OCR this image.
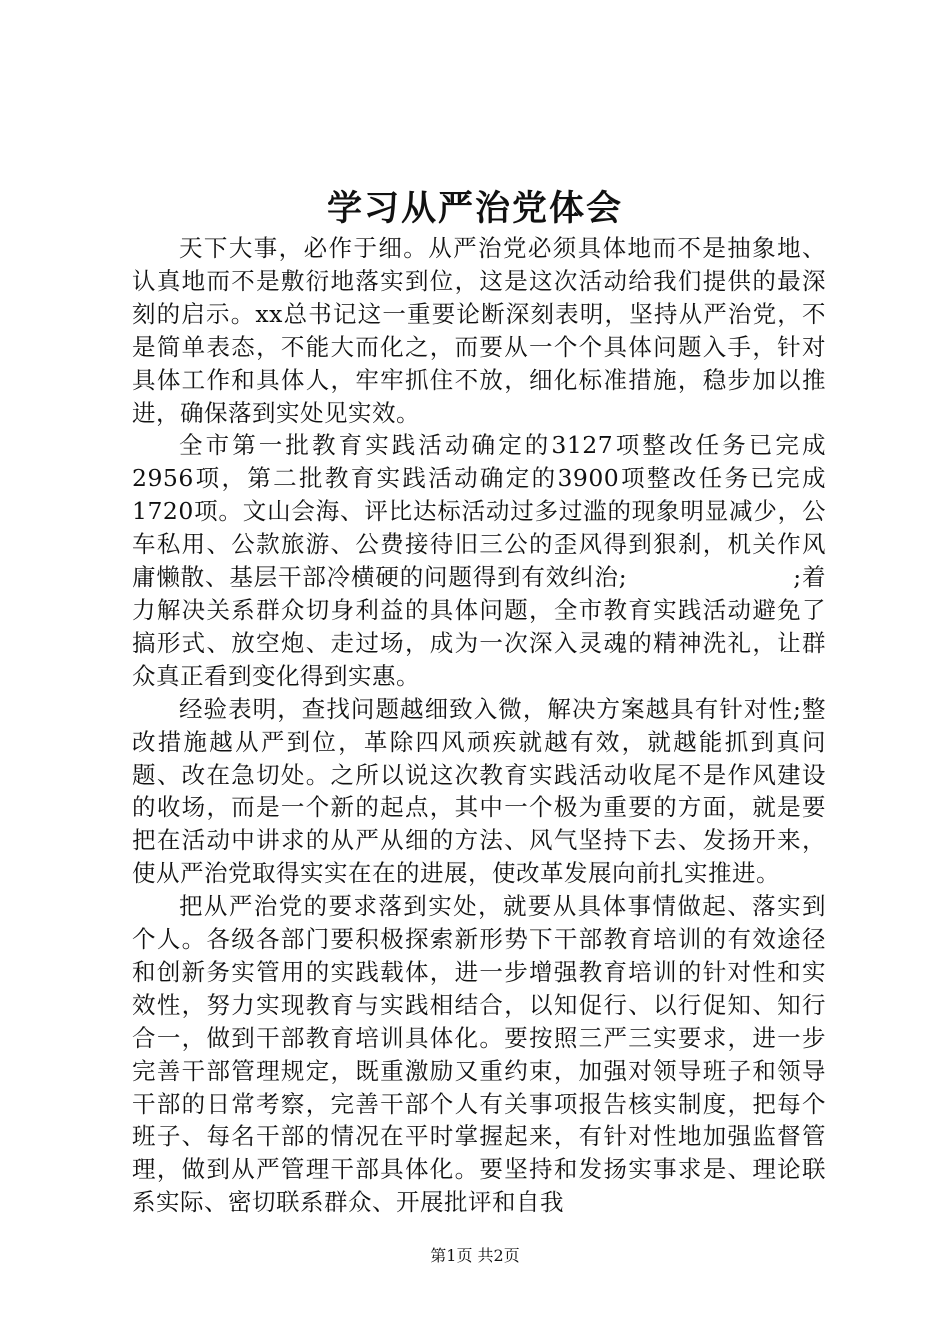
学习从严治党体会

天下大事，必作于细。从严治党必须具体地而不是抽象地、认真地而不是敷衍地落实到位，这是这次活动给我们提供的最深刻的启示。xx总书记这一重要论断深刻表明，坚持从严治党，不是简单表态，不能大而化之，而要从一个个具体问题入手，针对具体工作和具体人，牢牢抓住不放，细化标准措施，稳步加以推进，确保落到实处见实效。

全市第一批教育实践活动确定的3127项整改任务已完成2956项，第二批教育实践活动确定的3900项整改任务已完成1720项。文山会海、评比达标活动过多过滥的现象明显减少，公车私用、公款旅游、公费接待旧三公的歪风得到狠刹，机关作风庸懒散、基层干部冷横硬的问题得到有效纠治;                    ;着力解决关系群众切身利益的具体问题，全市教育实践活动避免了搞形式、放空炮、走过场，成为一次深入灵魂的精神洗礼，让群众真正看到变化得到实惠。

经验表明，查找问题越细致入微，解决方案越具有针对性;整改措施越从严到位，革除四风顽疾就越有效，就越能抓到真问题、改在急切处。之所以说这次教育实践活动收尾不是作风建设的收场，而是一个新的起点，其中一个极为重要的方面，就是要把在活动中讲求的从严从细的方法、风气坚持下去、发扬开来，使从严治党取得实实在在的进展，使改革发展向前扎实推进。

把从严治党的要求落到实处，就要从具体事情做起、落实到个人。各级各部门要积极探索新形势下干部教育培训的有效途径和创新务实管用的实践载体，进一步增强教育培训的针对性和实效性，努力实现教育与实践相结合，以知促行、以行促知、知行合一，做到干部教育培训具体化。要按照三严三实要求，进一步完善干部管理规定，既重激励又重约束，加强对领导班子和领导干部的日常考察，完善干部个人有关事项报告核实制度，把每个班子、每名干部的情况在平时掌握起来，有针对性地加强监督管理，做到从严管理干部具体化。要坚持和发扬实事求是、理论联系实际、密切联系群众、开展批评和自我

第1页 共2页
